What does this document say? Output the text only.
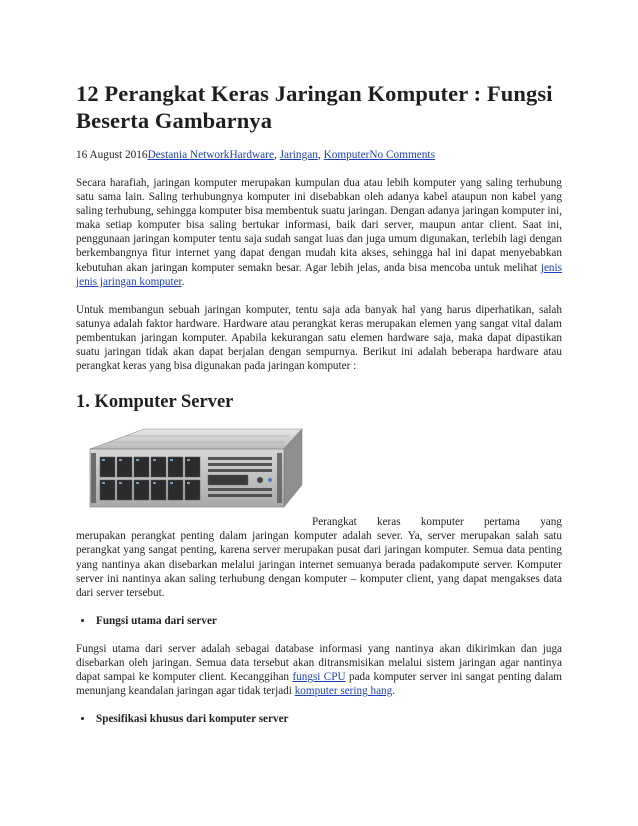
12 Perangkat Keras Jaringan Komputer : Fungsi Beserta Gambarnya
16 August 2016Destania NetworkHardware, Jaringan, KomputerNo Comments

Secara harafiah, jaringan komputer merupakan kumpulan dua atau lebih komputer yang saling terhubung satu sama lain. Saling terhubungnya komputer ini disebabkan oleh adanya kabel ataupun non kabel yang saling terhubung, sehingga komputer bisa membentuk suatu jaringan. Dengan adanya jaringan komputer ini, maka setiap komputer bisa saling bertukar informasi, baik dari server, maupun antar client. Saat ini, penggunaan jaringan komputer tentu saja sudah sangat luas dan juga umum digunakan, terlebih lagi dengan berkembangnya fitur internet yang dapat dengan mudah kita akses, sehingga hal ini dapat menyebabkan kebutuhan akan jaringan komputer semakn besar. Agar lebih jelas, anda bisa mencoba untuk melihat jenis jenis jaringan komputer.

Untuk membangun sebuah jaringan komputer, tentu saja ada banyak hal yang harus diperhatikan, salah satunya adalah faktor hardware. Hardware atau perangkat keras merupakan elemen yang sangat vital dalam pembentukan jaringan komputer. Apabila kekurangan satu elemen hardware saja, maka dapat dipastikan suatu jaringan tidak akan dapat berjalan dengan sempurnya. Berikut ini adalah beberapa hardware atau perangkat keras yang bisa digunakan pada jaringan komputer :

1. Komputer Server
Perangkat keras komputer pertama yang

merupakan perangkat penting dalam jaringan komputer adalah sever. Ya, server merupakan salah satu perangkat yang sangat penting, karena server merupakan pusat dari jaringan komputer. Semua data penting yang nantinya akan disebarkan melalui jaringan internet semuanya berada padakompute server. Komputer server ini nantinya akan saling terhubung dengan komputer – komputer client, yang dapat mengakses data dari server tersebut.

• Fungsi utama dari server

Fungsi utama dari server adalah sebagai database informasi yang nantinya akan dikirimkan dan juga disebarkan oleh jaringan. Semua data tersebut akan ditransmisikan melalui sistem jaringan agar nantinya dapat sampai ke komputer client. Kecanggihan fungsi CPU pada komputer server ini sangat penting dalam menunjang keandalan jaringan agar tidak terjadi komputer sering hang.

• Spesifikasi khusus dari komputer server
